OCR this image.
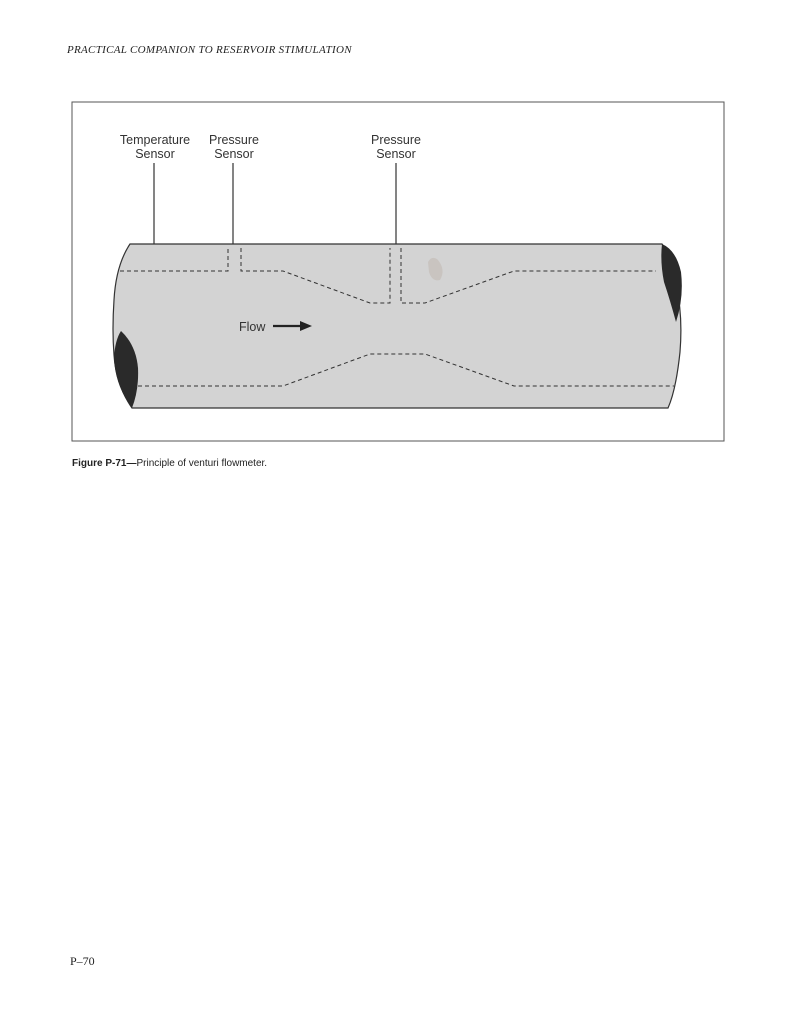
PRACTICAL COMPANION TO RESERVOIR STIMULATION
Temperature
Sensor
Pressure
Sensor
Pressure
Sensor
Flow
Figure P-71—Principle of venturi flowmeter.
P–70
